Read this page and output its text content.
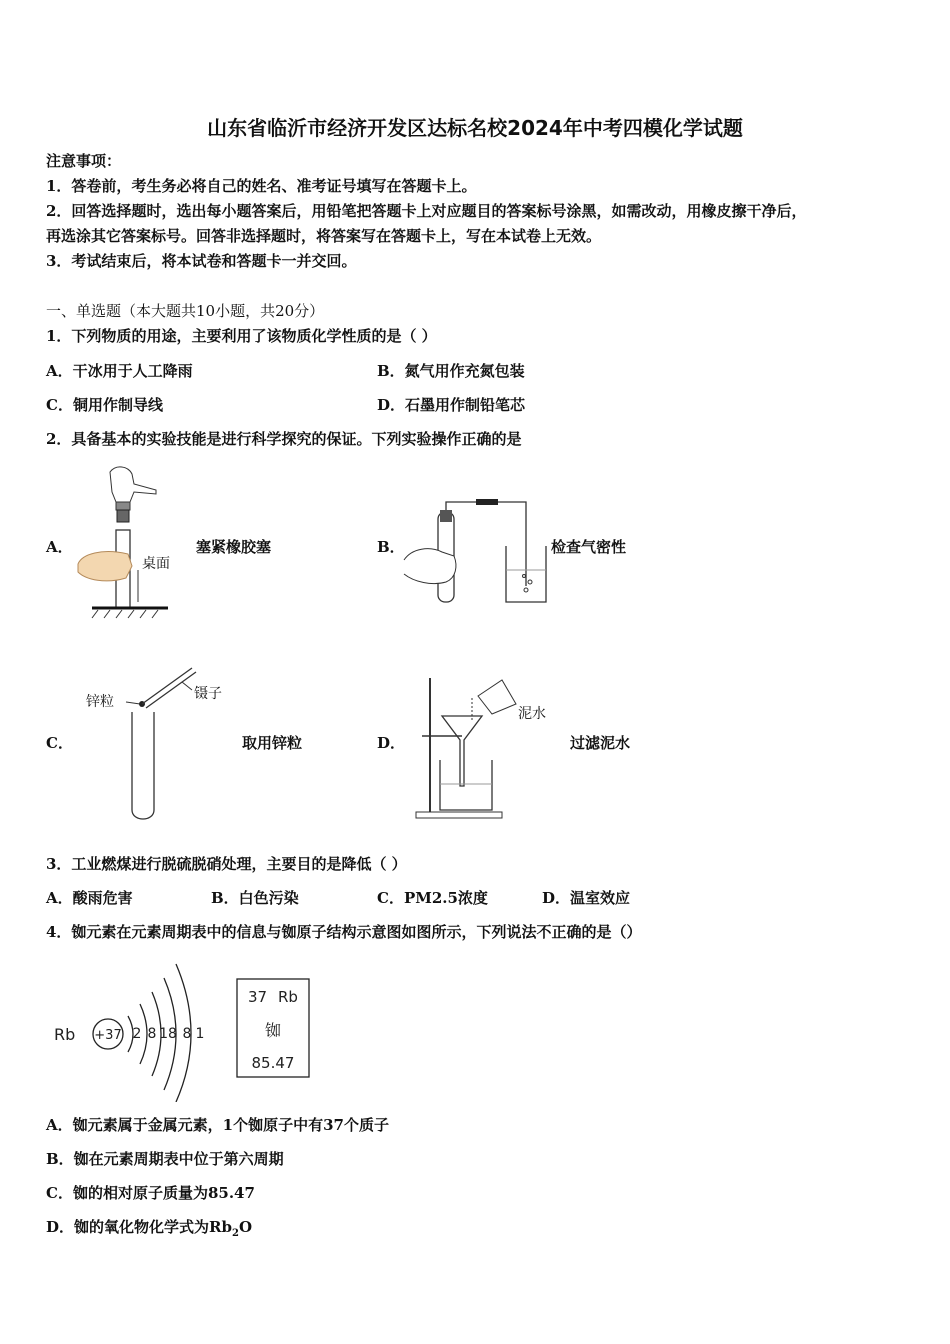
山东省临沂市经济开发区达标名校2024年中考四模化学试题
注意事项：
1．答卷前，考生务必将自己的姓名、准考证号填写在答题卡上。
2．回答选择题时，选出每小题答案后，用铅笔把答题卡上对应题目的答案标号涂黑，如需改动，用橡皮擦干净后，
再选涂其它答案标号。回答非选择题时，将答案写在答题卡上，写在本试卷上无效。
3．考试结束后，将本试卷和答题卡一并交回。
一、单选题（本大题共10小题，共20分）
1．下列物质的用途，主要利用了该物质化学性质的是（ ）
A．干冰用于人工降雨	B．氮气用作充氮包装
C．铜用作制导线	D．石墨用作制铅笔芯
2．具备基本的实验技能是进行科学探究的保证。下列实验操作正确的是
A．
桌面
塞紧橡胶塞	B．	检查气密性
C．
锌粒	镊子
取用锌粒	D．
泥水
过滤泥水
3．工业燃煤进行脱硫脱硝处理，主要目的是降低（ ）
A．酸雨危害	B．白色污染	C．PM2.5浓度	D．温室效应
4．铷元素在元素周期表中的信息与铷原子结构示意图如图所示，下列说法不正确的是（）
Rb +37 2 8 18 8 1
37 Rb
铷
85.47
A．铷元素属于金属元素，1个铷原子中有37个质子
B．铷在元素周期表中位于第六周期
C．铷的相对原子质量为85.47
D．铷的氧化物化学式为$Rb_2O$
